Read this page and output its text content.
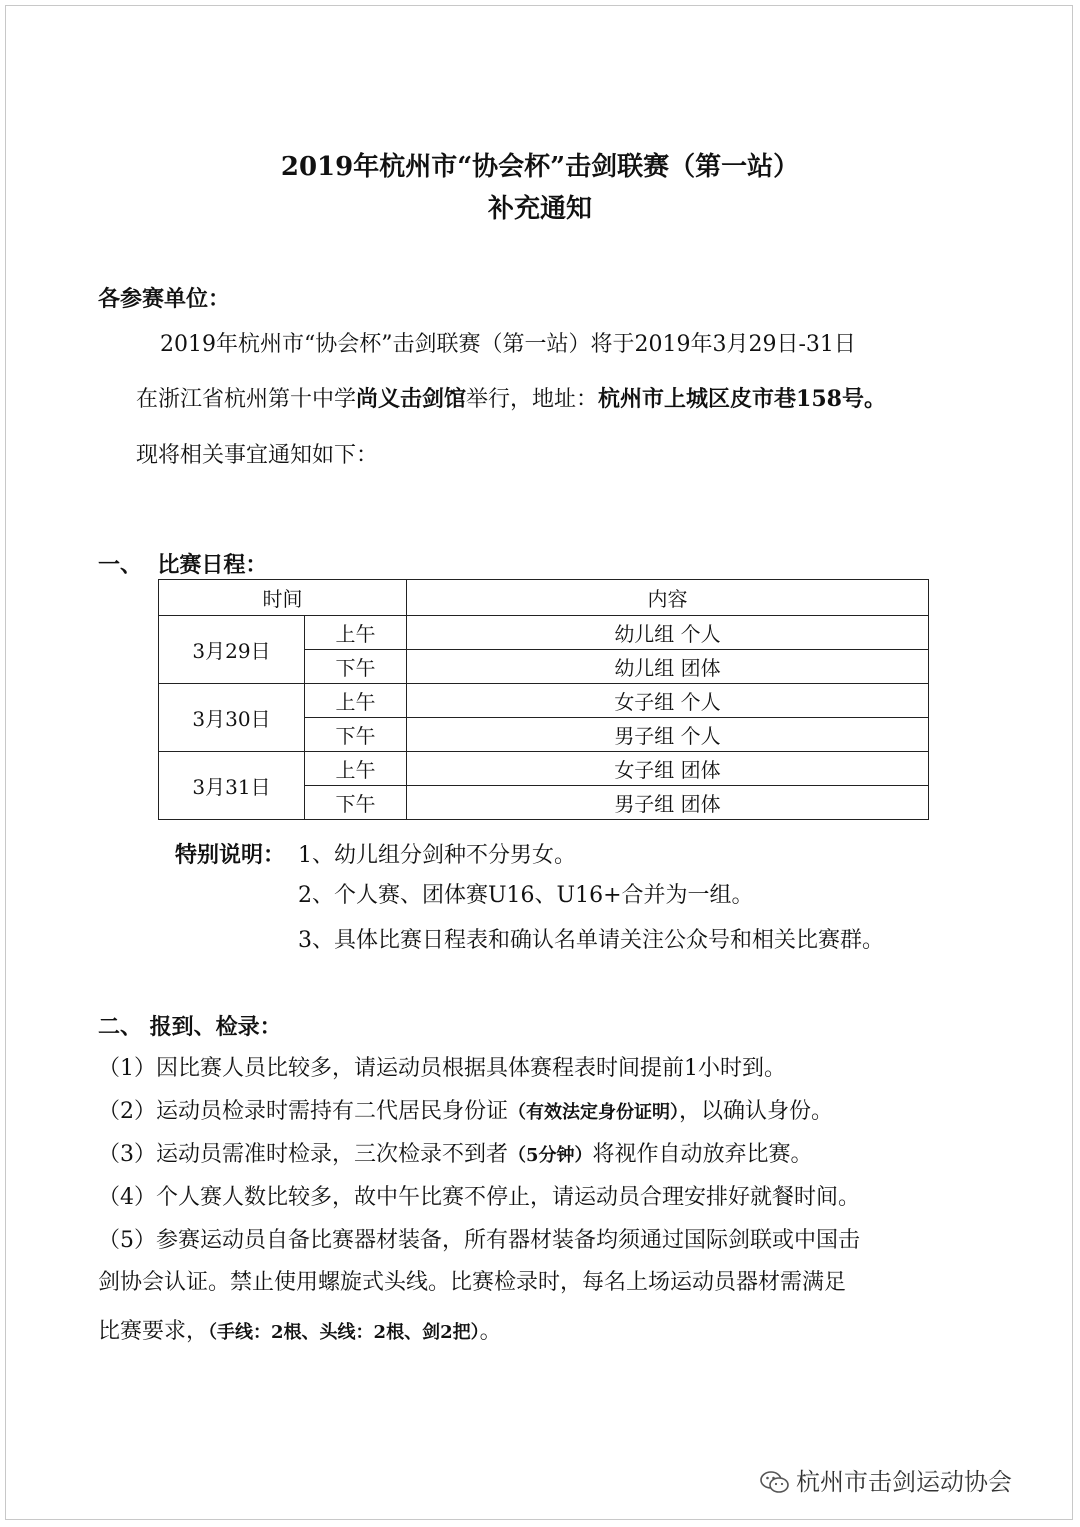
2019年杭州市“协会杯”击剑联赛（第一站）
补充通知
各参赛单位：
2019年杭州市“协会杯”击剑联赛（第一站）将于2019年3月29日-31日
在浙江省杭州第十中学尚义击剑馆举行，地址：杭州市上城区皮市巷158号。
现将相关事宜通知如下：
一、  比赛日程：
时间		内容
3月29日	上午	幼儿组 个人
	下午	幼儿组 团体
3月30日	上午	女子组 个人
	下午	男子组 个人
3月31日	上午	女子组 团体
	下午	男子组 团体
特别说明： 1、幼儿组分剑种不分男女。
2、个人赛、团体赛U16、U16+合并为一组。
3、具体比赛日程表和确认名单请关注公众号和相关比赛群。
二、 报到、检录：
（1）因比赛人员比较多，请运动员根据具体赛程表时间提前1小时到。
（2）运动员检录时需持有二代居民身份证（有效法定身份证明），以确认身份。
（3）运动员需准时检录，三次检录不到者（5分钟）将视作自动放弃比赛。
（4）个人赛人数比较多，故中午比赛不停止，请运动员合理安排好就餐时间。
（5）参赛运动员自备比赛器材装备，所有器材装备均须通过国际剑联或中国击
剑协会认证。禁止使用螺旋式头线。比赛检录时，每名上场运动员器材需满足
比赛要求，（手线：2根、头线：2根、剑2把）。
杭州市击剑运动协会
